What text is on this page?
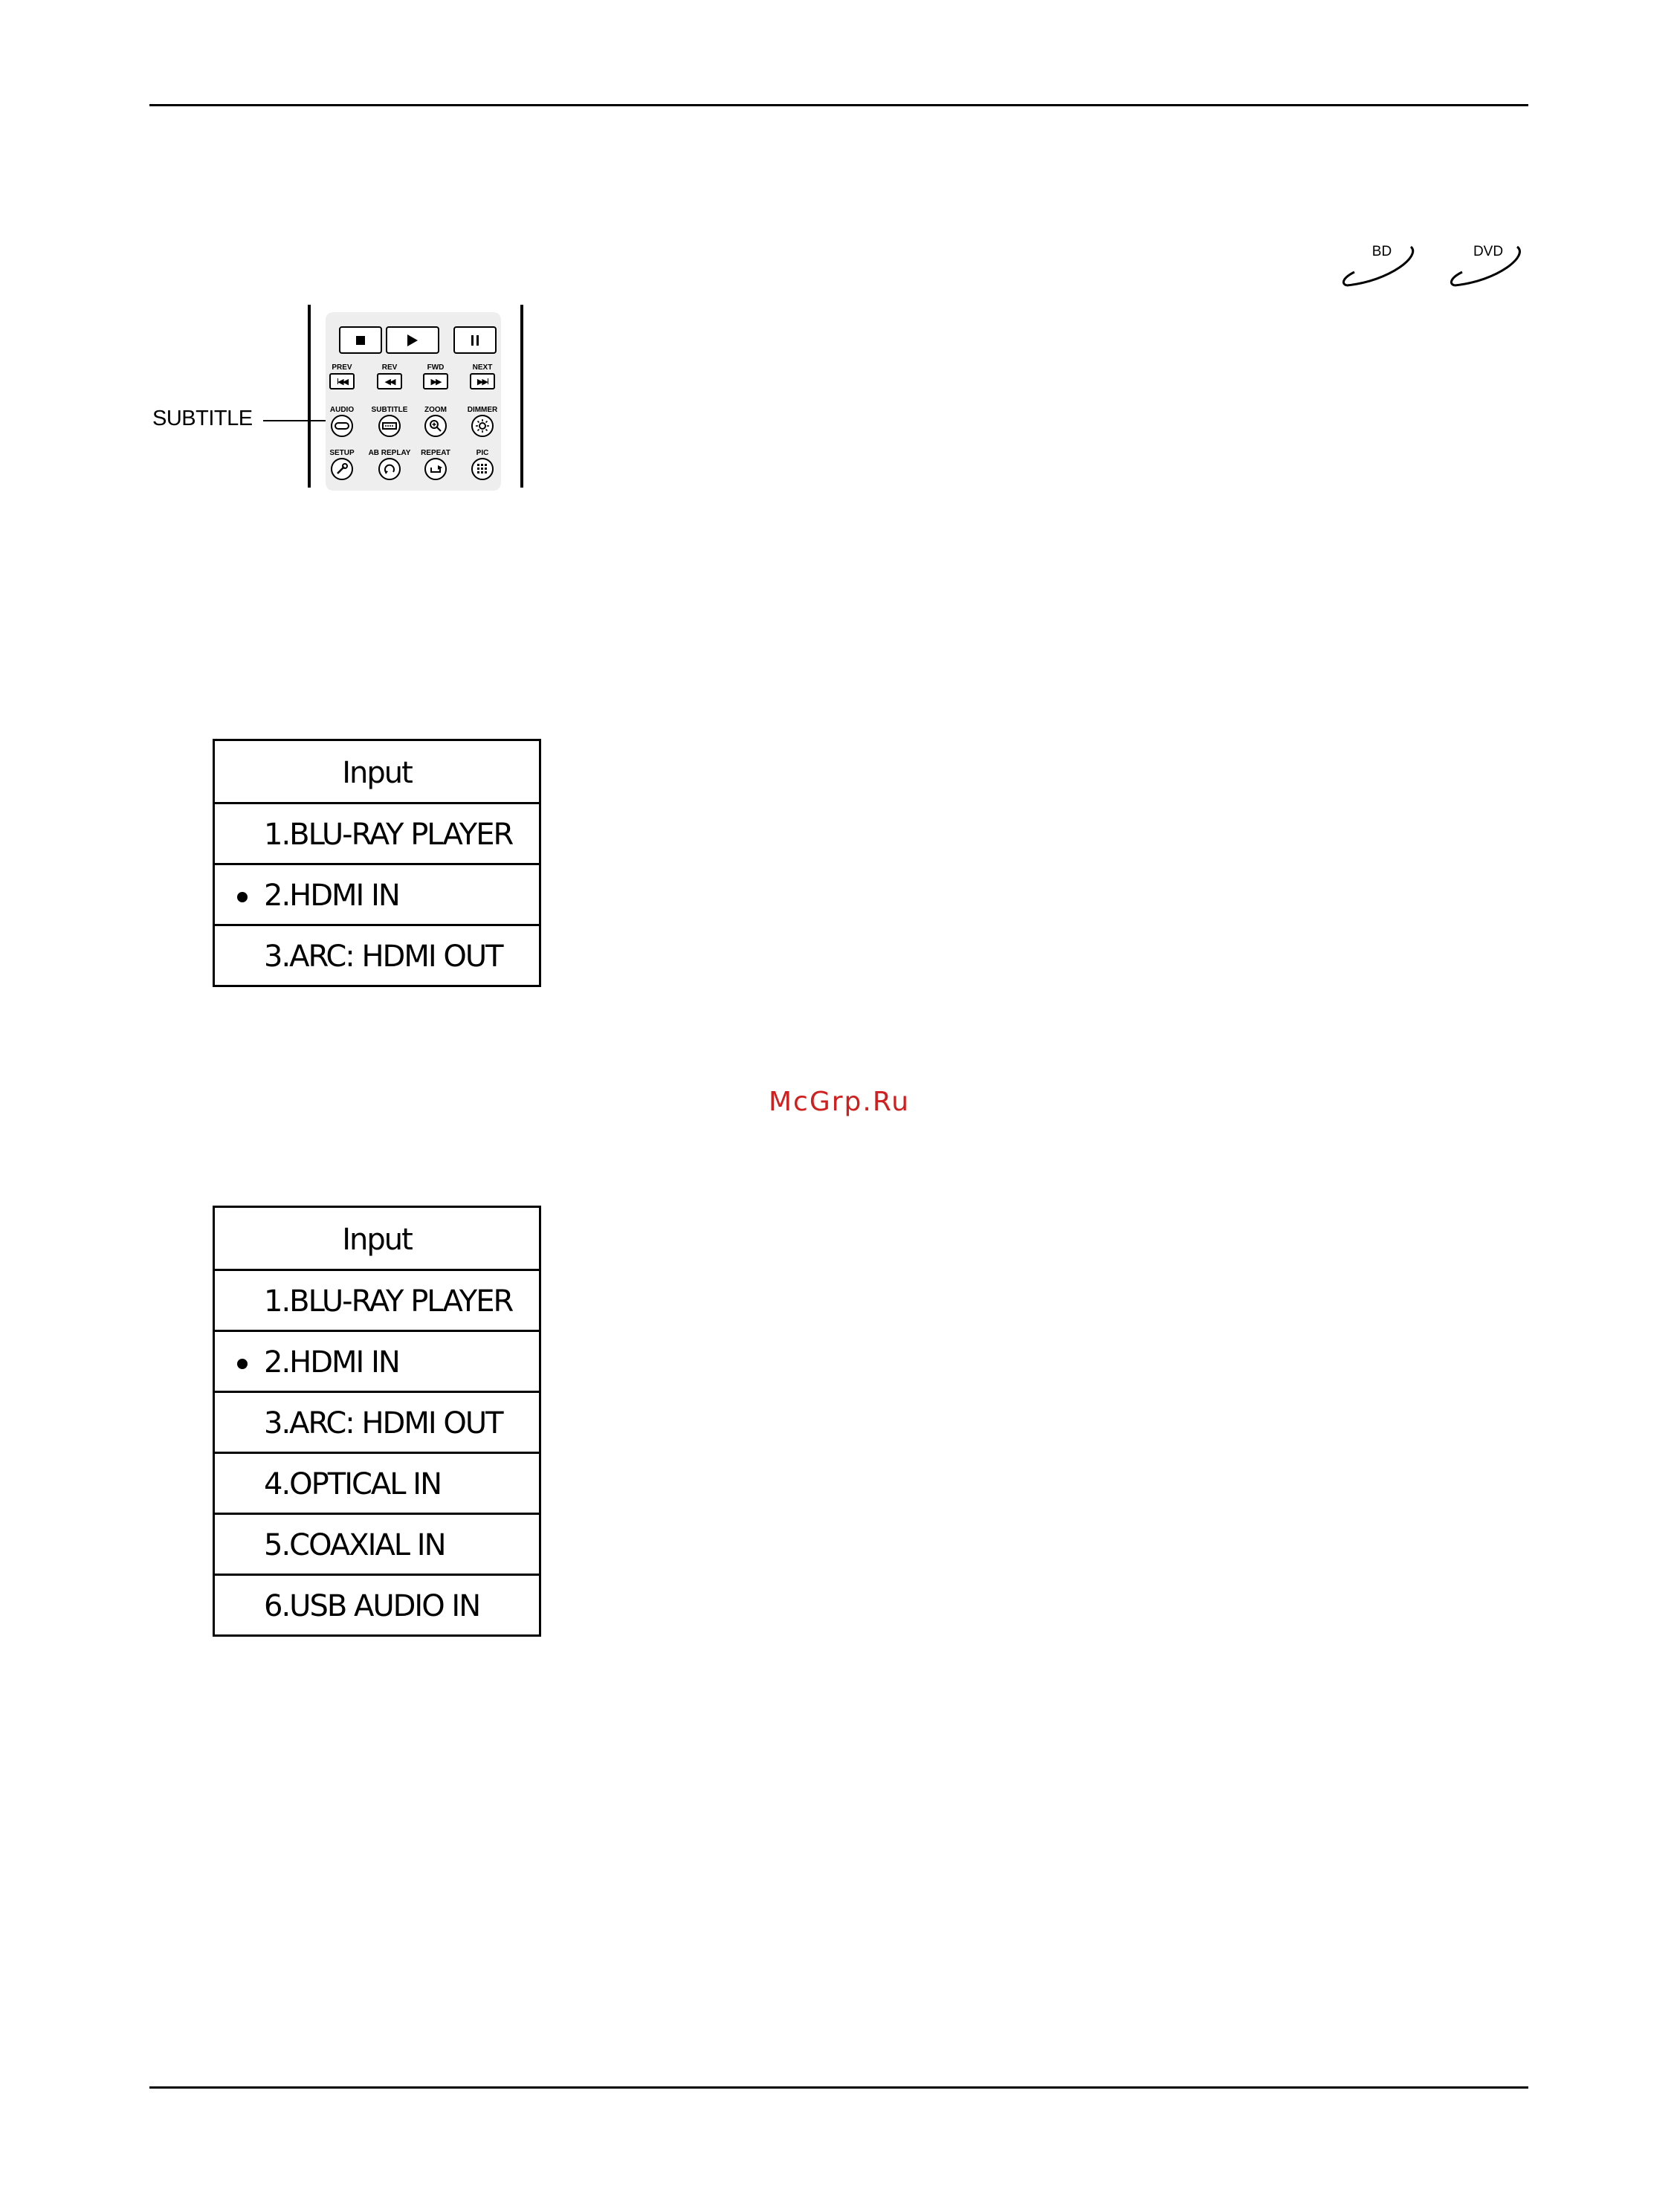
BD	DVD
SUBTITLE
PREV	REV	FWD	NEXT
I◀◀	◀◀	▶▶	▶▶I
AUDIO	SUBTITLE	ZOOM	DIMMER
SETUP	AB REPLAY	REPEAT	PIC
Input
1.BLU-RAY PLAYER
2.HDMI IN
3.ARC: HDMI OUT
McGrp.Ru
Input
1.BLU-RAY PLAYER
2.HDMI IN
3.ARC: HDMI OUT
4.OPTICAL IN
5.COAXIAL IN
6.USB AUDIO IN
